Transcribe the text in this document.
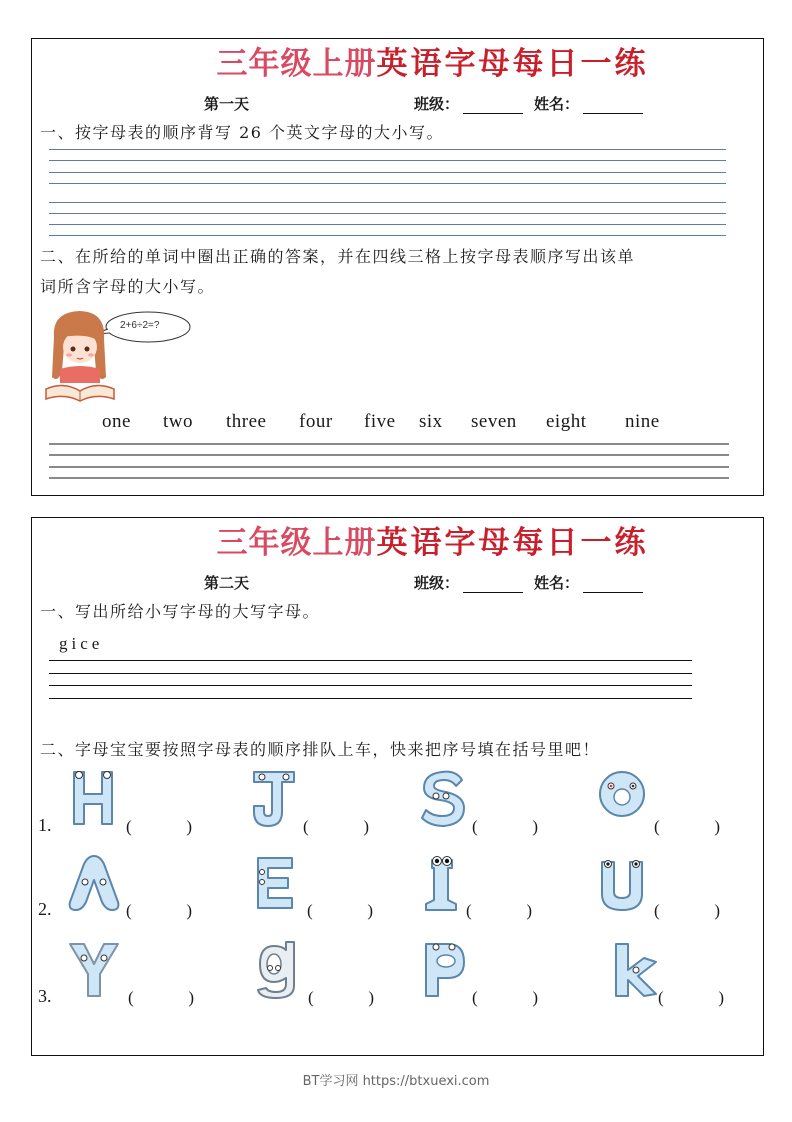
三年级上册英语字母每日一练
第一天	班级：	姓名：
一、按字母表的顺序背写 26 个英文字母的大小写。
二、在所给的单词中圈出正确的答案，并在四线三格上按字母表顺序写出该单
词所含字母的大小写。
2+6÷2=?
one two three four five six seven eight nine
三年级上册英语字母每日一练
第二天	班级：	姓名：
一、写出所给小写字母的大写字母。
gice
二、字母宝宝要按照字母表的顺序排队上车，快来把序号填在括号里吧！
1.	(	)	(	)	(	)	(	)
2.	(	)	(	)	(	)	(	)
3.	(	)	(	)	(	)	(	)
BT学习网 https://btxuexi.com
